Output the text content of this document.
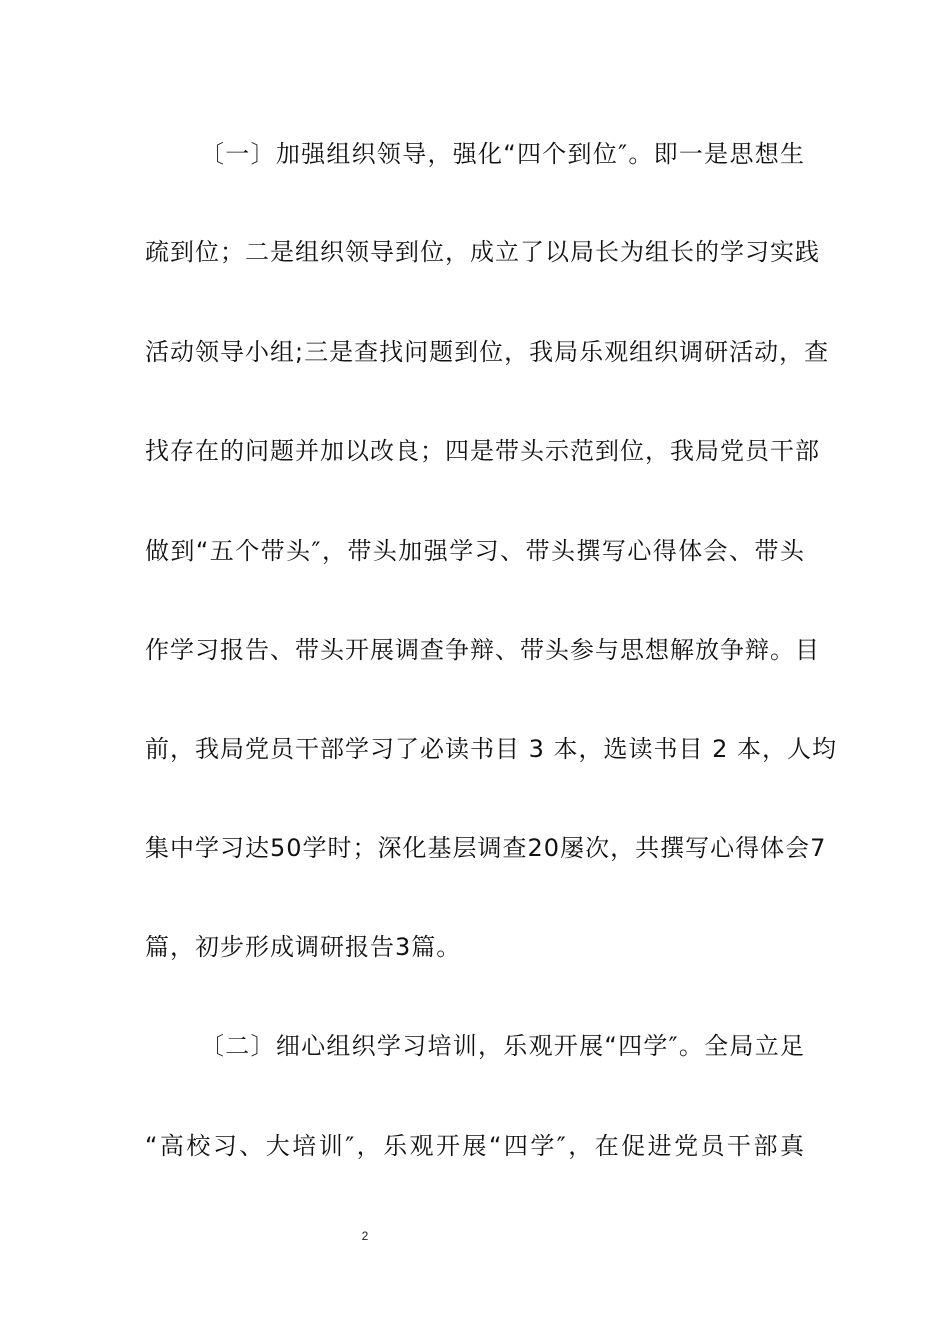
〔一〕加强组织领导，强化“四个到位″。即一是思想生
疏到位；二是组织领导到位，成立了以局长为组长的学习实践
活动领导小组;三是查找问题到位，我局乐观组织调研活动，查
找存在的问题并加以改良；四是带头示范到位，我局党员干部
做到“五个带头″，带头加强学习、带头撰写心得体会、带头
作学习报告、带头开展调查争辩、带头参与思想解放争辩。目
前，我局党员干部学习了必读书目 3 本，选读书目 2 本，人均
集中学习达50学时；深化基层调查20屡次，共撰写心得体会7
篇，初步形成调研报告3篇。
〔二〕细心组织学习培训，乐观开展“四学″。全局立足
“高校习、大培训″，乐观开展“四学″，在促进党员干部真
2
